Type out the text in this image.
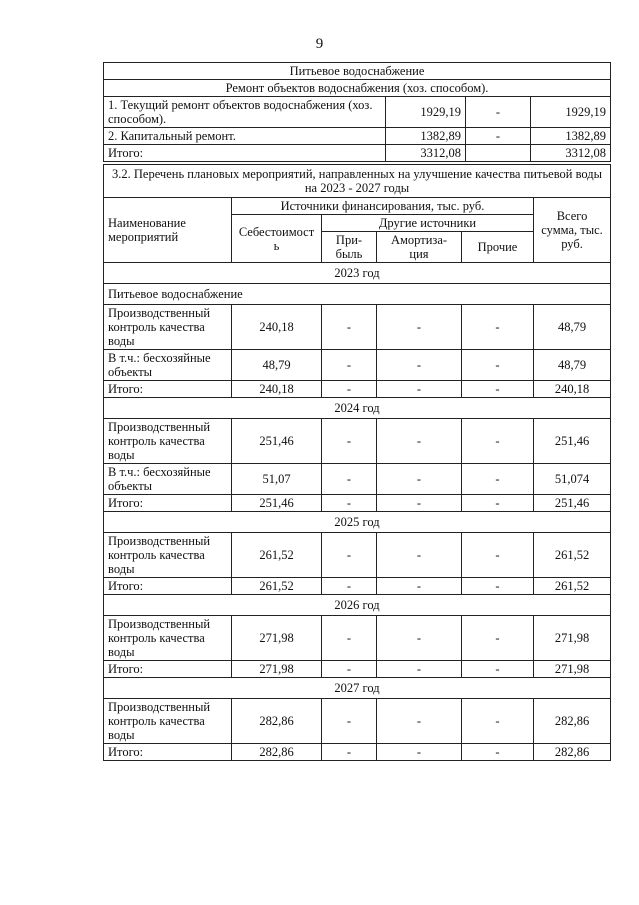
9
Питьевое водоснабжение			
Ремонт объектов водоснабжения (хоз. способом).			
1. Текущий ремонт объектов водоснабжения (хоз. способом).	1929,19	-	1929,19
2. Капитальный ремонт.	1382,89	-	1382,89
Итого:	3312,08		3312,08
3.2. Перечень плановых мероприятий, направленных на улучшение качества питьевой воды на 2023 - 2027 годы					
Наименование мероприятий	Источники финансирования, тыс. руб.				Всего сумма, тыс. руб.
	Себестоимост ь	Другие источники			
		При- быль	Амортиза- ция	Прочие	
2023 год					
Питьевое водоснабжение					
Производственный контроль качества воды	240,18	-	-	-	48,79
В т.ч.: бесхозяйные объекты	48,79	-	-	-	48,79
Итого:	240,18	-	-	-	240,18
2024 год					
Производственный контроль качества воды	251,46	-	-	-	251,46
В т.ч.: бесхозяйные объекты	51,07	-	-	-	51,074
Итого:	251,46	-	-	-	251,46
2025 год					
Производственный контроль качества воды	261,52	-	-	-	261,52
Итого:	261,52	-	-	-	261,52
2026 год					
Производственный контроль качества воды	271,98	-	-	-	271,98
Итого:	271,98	-	-	-	271,98
2027 год					
Производственный контроль качества воды	282,86	-	-	-	282,86
Итого:	282,86	-	-	-	282,86
